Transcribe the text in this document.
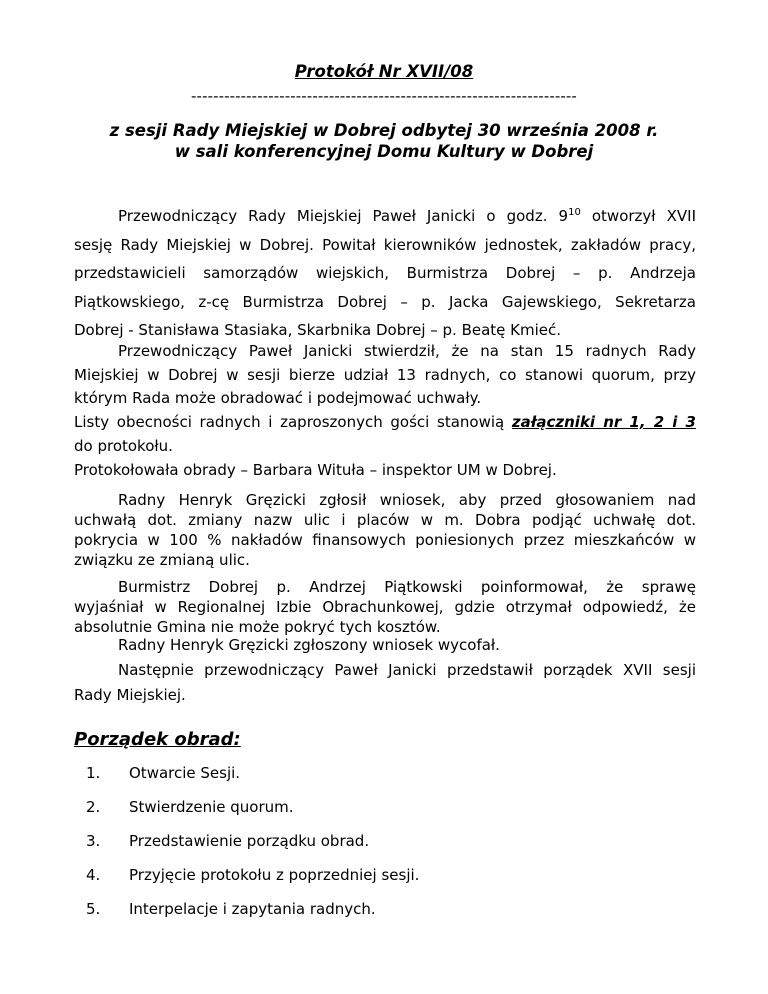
Protokół Nr XVII/08
----------------------------------------------------------------------
z sesji Rady Miejskiej w Dobrej odbytej 30 września 2008 r.
w sali konferencyjnej Domu Kultury w Dobrej
Przewodniczący Rady Miejskiej Paweł Janicki o godz. $9^{10}$ otworzył XVII
sesję Rady Miejskiej w Dobrej. Powitał kierowników jednostek, zakładów pracy,
przedstawicieli samorządów wiejskich, Burmistrza Dobrej – p. Andrzeja
Piątkowskiego, z-cę Burmistrza Dobrej – p. Jacka Gajewskiego, Sekretarza
Dobrej - Stanisława Stasiaka, Skarbnika Dobrej – p. Beatę Kmieć.
Przewodniczący Paweł Janicki stwierdził, że na stan 15 radnych Rady
Miejskiej w Dobrej w sesji bierze udział 13 radnych, co stanowi quorum, przy
którym Rada może obradować i podejmować uchwały.
Listy obecności radnych i zaproszonych gości stanowią załączniki nr 1, 2 i 3
do protokołu.
Protokołowała obrady – Barbara Wituła – inspektor UM w Dobrej.
Radny Henryk Gręzicki zgłosił wniosek, aby przed głosowaniem nad
uchwałą dot. zmiany nazw ulic i placów w m. Dobra podjąć uchwałę dot.
pokrycia w 100 % nakładów finansowych poniesionych przez mieszkańców w
związku ze zmianą ulic.
Burmistrz Dobrej p. Andrzej Piątkowski poinformował, że sprawę
wyjaśniał w Regionalnej Izbie Obrachunkowej, gdzie otrzymał odpowiedź, że
absolutnie Gmina nie może pokryć tych kosztów.
Radny Henryk Gręzicki zgłoszony wniosek wycofał.
Następnie przewodniczący Paweł Janicki przedstawił porządek XVII sesji
Rady Miejskiej.
Porządek obrad:
1.	Otwarcie Sesji.
2.	Stwierdzenie quorum.
3.	Przedstawienie porządku obrad.
4.	Przyjęcie protokołu z poprzedniej sesji.
5.	Interpelacje i zapytania radnych.
